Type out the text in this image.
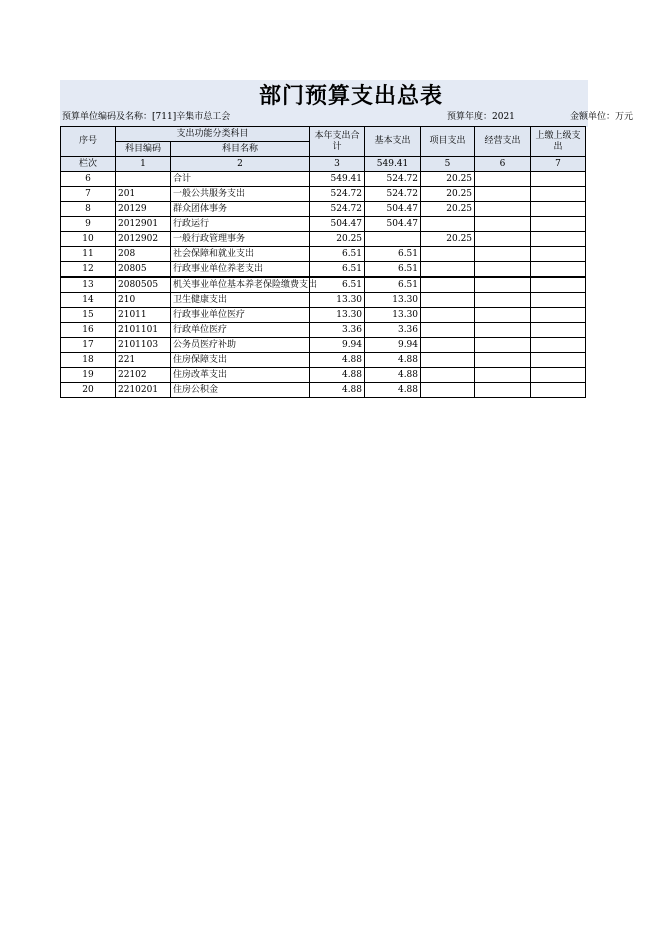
部门预算支出总表
预算单位编码及名称：[711]辛集市总工会	预算年度：2021	金额单位：万元
序号	支出功能分类科目		本年支出合计	基本支出	项目支出	经营支出	上缴上级支出
	科目编码	科目名称					
栏次	1	2	3	549.41	5	6	7
6		合计	549.41	524.72	20.25		
7	201	一般公共服务支出	524.72	524.72	20.25		
8	20129	群众团体事务	524.72	504.47	20.25		
9	2012901	行政运行	504.47	504.47			
10	2012902	一般行政管理事务	20.25		20.25		
11	208	社会保障和就业支出	6.51	6.51			
12	20805	行政事业单位养老支出	6.51	6.51			
13	2080505	机关事业单位基本养老保险缴费支出	6.51	6.51			
14	210	卫生健康支出	13.30	13.30			
15	21011	行政事业单位医疗	13.30	13.30			
16	2101101	行政单位医疗	3.36	3.36			
17	2101103	公务员医疗补助	9.94	9.94			
18	221	住房保障支出	4.88	4.88			
19	22102	住房改革支出	4.88	4.88			
20	2210201	住房公积金	4.88	4.88			
